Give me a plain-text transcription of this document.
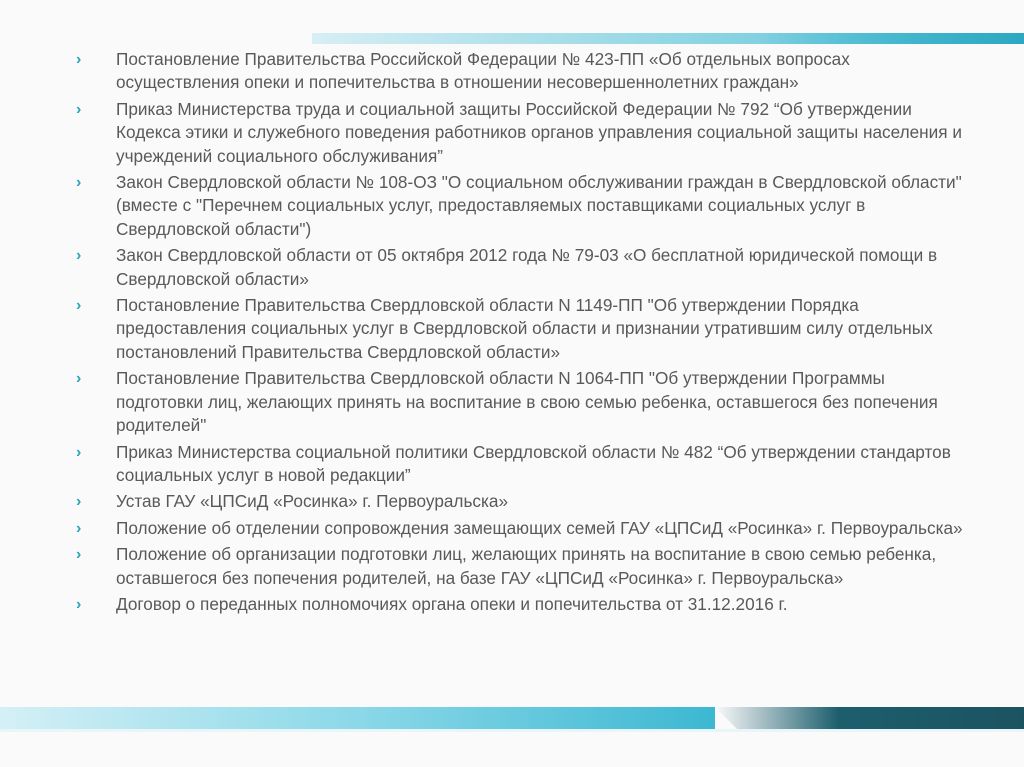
›	Постановление Правительства Российской Федерации № 423-ПП «Об отдельных вопросах осуществления опеки и попечительства в отношении несовершеннолетних граждан»
›	Приказ Министерства труда и социальной защиты Российской Федерации № 792 “Об утверждении Кодекса этики и служебного поведения работников органов управления социальной защиты населения и учреждений социального обслуживания”
›	Закон Свердловской области № 108-ОЗ "О социальном обслуживании граждан в Свердловской области" (вместе с "Перечнем социальных услуг, предоставляемых поставщиками социальных услуг в Свердловской области")
›	Закон Свердловской области от 05 октября 2012 года № 79-03 «О бесплатной юридической помощи в Свердловской области»
›	Постановление Правительства Свердловской области N 1149-ПП "Об утверждении Порядка предоставления социальных услуг в Свердловской области и признании утратившим силу отдельных постановлений Правительства Свердловской области»
›	Постановление Правительства Свердловской области N 1064-ПП "Об утверждении Программы подготовки лиц, желающих принять на воспитание в свою семью ребенка, оставшегося без попечения родителей"
›	Приказ Министерства социальной политики Свердловской области № 482 “Об утверждении стандартов социальных услуг в новой редакции”
›	Устав ГАУ «ЦПСиД «Росинка» г. Первоуральска»
›	Положение об отделении сопровождения замещающих семей ГАУ «ЦПСиД «Росинка» г. Первоуральска»
›	Положение об организации подготовки лиц, желающих принять на воспитание в свою семью ребенка, оставшегося без попечения родителей, на базе ГАУ «ЦПСиД «Росинка» г. Первоуральска»
›	Договор о переданных полномочиях органа опеки и попечительства от 31.12.2016 г.
